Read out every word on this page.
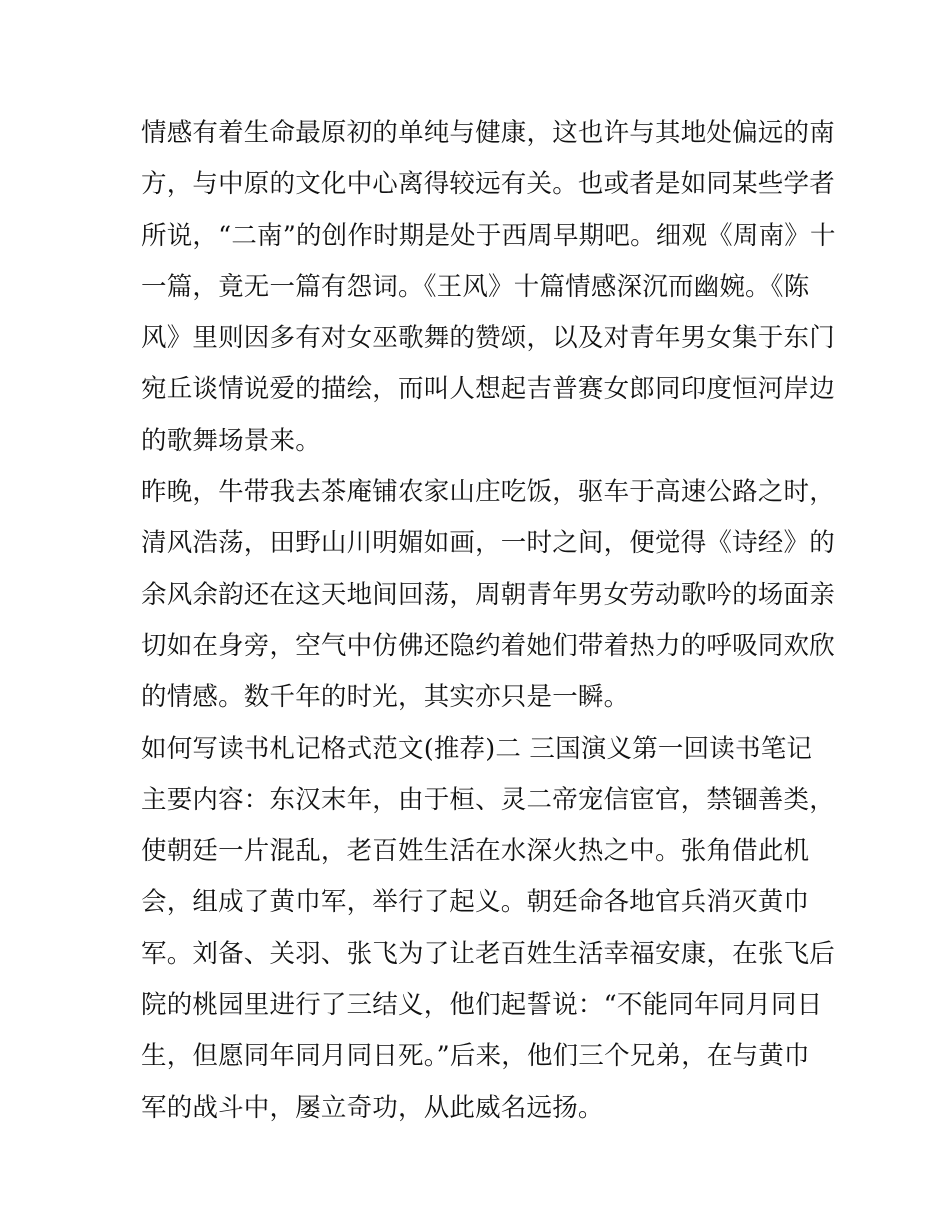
情感有着生命最原初的单纯与健康，这也许与其地处偏远的南
方，与中原的文化中心离得较远有关。也或者是如同某些学者
所说，“二南”的创作时期是处于西周早期吧。细观《周南》十
一篇，竟无一篇有怨词。《王风》十篇情感深沉而幽婉。《陈
风》里则因多有对女巫歌舞的赞颂，以及对青年男女集于东门
宛丘谈情说爱的描绘，而叫人想起吉普赛女郎同印度恒河岸边
的歌舞场景来。
昨晚，牛带我去茶庵铺农家山庄吃饭，驱车于高速公路之时，
清风浩荡，田野山川明媚如画，一时之间，便觉得《诗经》的
余风余韵还在这天地间回荡，周朝青年男女劳动歌吟的场面亲
切如在身旁，空气中仿佛还隐约着她们带着热力的呼吸同欢欣
的情感。数千年的时光，其实亦只是一瞬。
如何写读书札记格式范文(推荐)二 三国演义第一回读书笔记
主要内容：东汉末年，由于桓、灵二帝宠信宦官，禁锢善类，
使朝廷一片混乱，老百姓生活在水深火热之中。张角借此机
会，组成了黄巾军，举行了起义。朝廷命各地官兵消灭黄巾
军。刘备、关羽、张飞为了让老百姓生活幸福安康，在张飞后
院的桃园里进行了三结义，他们起誓说：“不能同年同月同日
生，但愿同年同月同日死。”后来，他们三个兄弟，在与黄巾
军的战斗中，屡立奇功，从此威名远扬。
